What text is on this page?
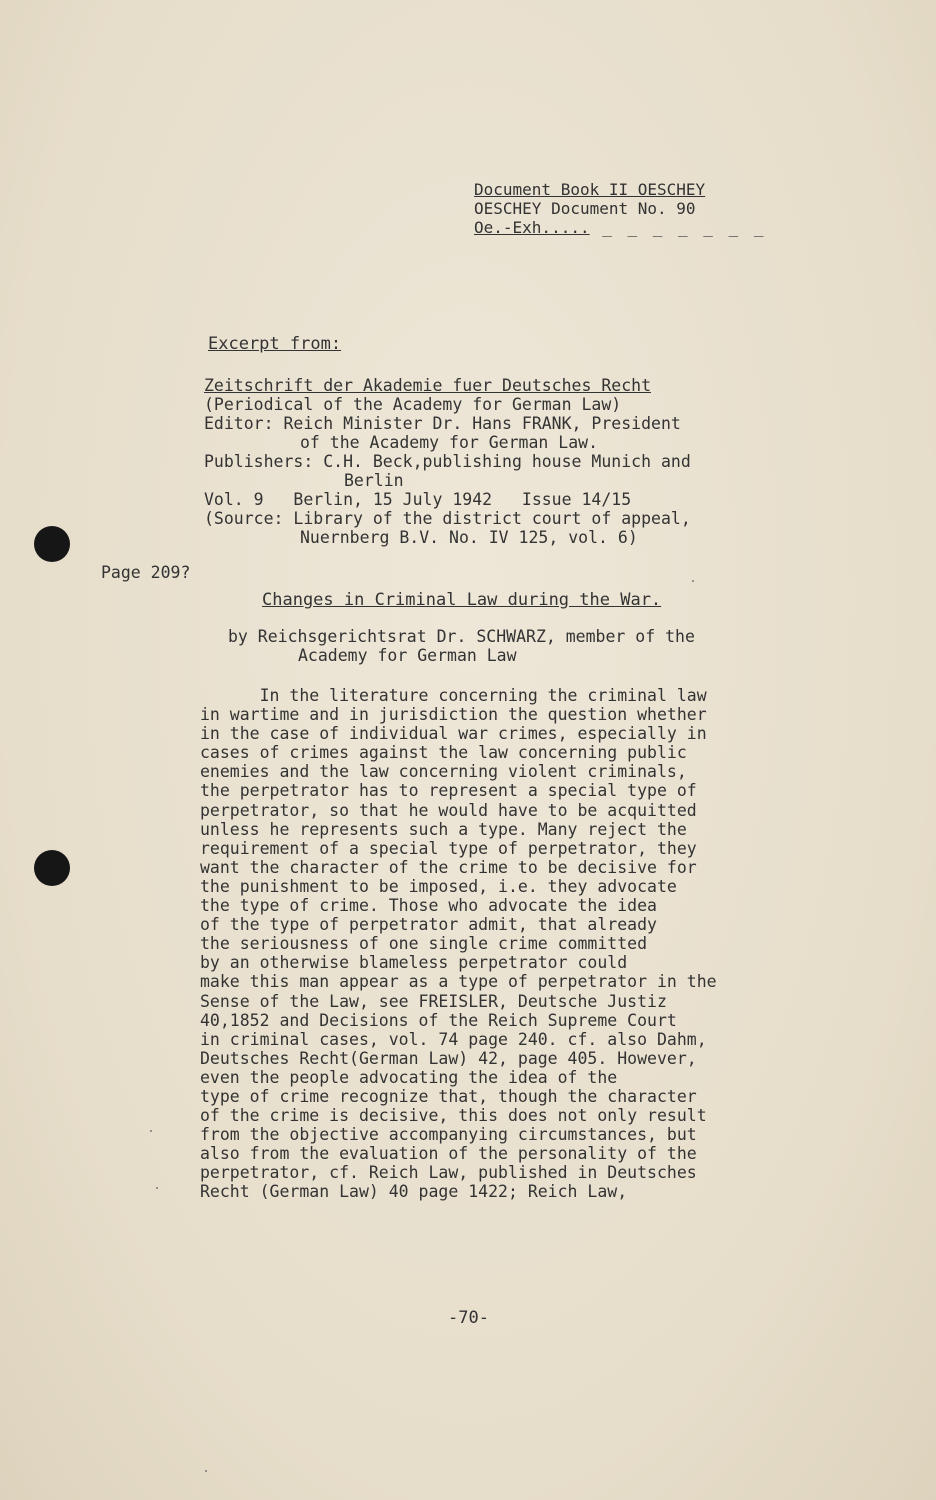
Document Book II OESCHEY
OESCHEY Document No. 90
Oe.-Exh..... _ _ _ _ _ _ _
Excerpt from:
Zeitschrift der Akademie fuer Deutsches Recht
(Periodical of the Academy for German Law)
Editor: Reich Minister Dr. Hans FRANK, President
of the Academy for German Law.
Publishers: C.H. Beck,publishing house Munich and
Berlin
Vol. 9   Berlin, 15 July 1942   Issue 14/15
(Source: Library of the district court of appeal,
Nuernberg B.V. No. IV 125, vol. 6)
Page 209?
Changes in Criminal Law during the War.
by Reichsgerichtsrat Dr. SCHWARZ, member of the
Academy for German Law
In the literature concerning the criminal law
in wartime and in jurisdiction the question whether
in the case of individual war crimes, especially in
cases of crimes against the law concerning public
enemies and the law concerning violent criminals,
the perpetrator has to represent a special type of
perpetrator, so that he would have to be acquitted
unless he represents such a type. Many reject the
requirement of a special type of perpetrator, they
want the character of the crime to be decisive for
the punishment to be imposed, i.e. they advocate
the type of crime. Those who advocate the idea
of the type of perpetrator admit, that already
the seriousness of one single crime committed
by an otherwise blameless perpetrator could
make this man appear as a type of perpetrator in the
Sense of the Law, see FREISLER, Deutsche Justiz
40,1852 and Decisions of the Reich Supreme Court
in criminal cases, vol. 74 page 240. cf. also Dahm,
Deutsches Recht(German Law) 42, page 405. However,
even the people advocating the idea of the
type of crime recognize that, though the character
of the crime is decisive, this does not only result
from the objective accompanying circumstances, but
also from the evaluation of the personality of the
perpetrator, cf. Reich Law, published in Deutsches
Recht (German Law) 40 page 1422; Reich Law,
-70-
